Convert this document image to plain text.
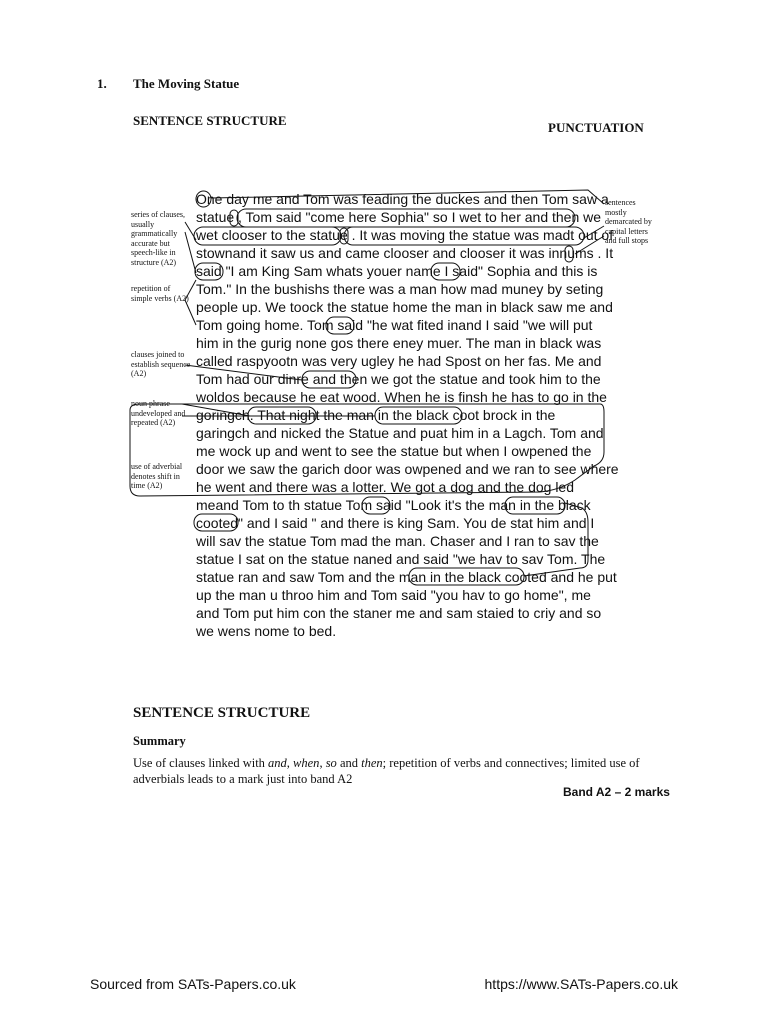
1. The Moving Statue
SENTENCE STRUCTURE	PUNCTUATION
series of clauses, usually grammatically accurate but speech-like in structure (A2)
repetition of simple verbs (A2)
clauses joined to establish sequence (A2)
noun phrase undeveloped and repeated (A2)
use of adverbial denotes shift in time (A2)
sentences mostly demarcated by capital letters and full stops
One day me and Tom was feading the duckes and then Tom saw a
statue , Tom said "come here Sophia" so I wet to her and then we
wet clooser to the statue . It was moving the statue was madt out of
stownand it saw us and came clooser and clooser it was innums . It
said "I am King Sam whats youer name I said" Sophia and this is
Tom." In the bushishs there was a man how mad muney by seting
people up. We toock the statue home the man in black saw me and
Tom going home. Tom said "he wat fited inand I said "we will put
him in the gurig none gos there eney muer. The man in black was
called raspyootn was very ugley he had Spost on her fas. Me and
Tom had our dinre and then we got the statue and took him to the
woldos because he eat wood. When he is finsh he has to go in the
goringch. That night the man in the black coot brock in the
garingch and nicked the Statue and puat him in a Lagch. Tom and
me wock up and went to see the statue but when I owpened the
door we saw the garich door was owpened and we ran to see where
he went and there was a lotter. We got a dog and the dog led
meand Tom to th statue Tom said "Look it's the man in the black
cooted" and I said " and there is king Sam. You de stat him and I
will sav the statue Tom mad the man. Chaser and I ran to sav the
statue I sat on the statue naned and said "we hav to sav Tom. The
statue ran and saw Tom and the man in the black cooted and he put
up the man u throo him and Tom said "you hav to go home", me
and Tom put him con the staner me and sam staied to criy and so
we wens nome to bed.
SENTENCE STRUCTURE
Summary
Use of clauses linked with and, when, so and then; repetition of verbs and connectives; limited use of adverbials leads to a mark just into band A2
Band A2 – 2 marks
Sourced from SATs-Papers.co.uk	https://www.SATs-Papers.co.uk
